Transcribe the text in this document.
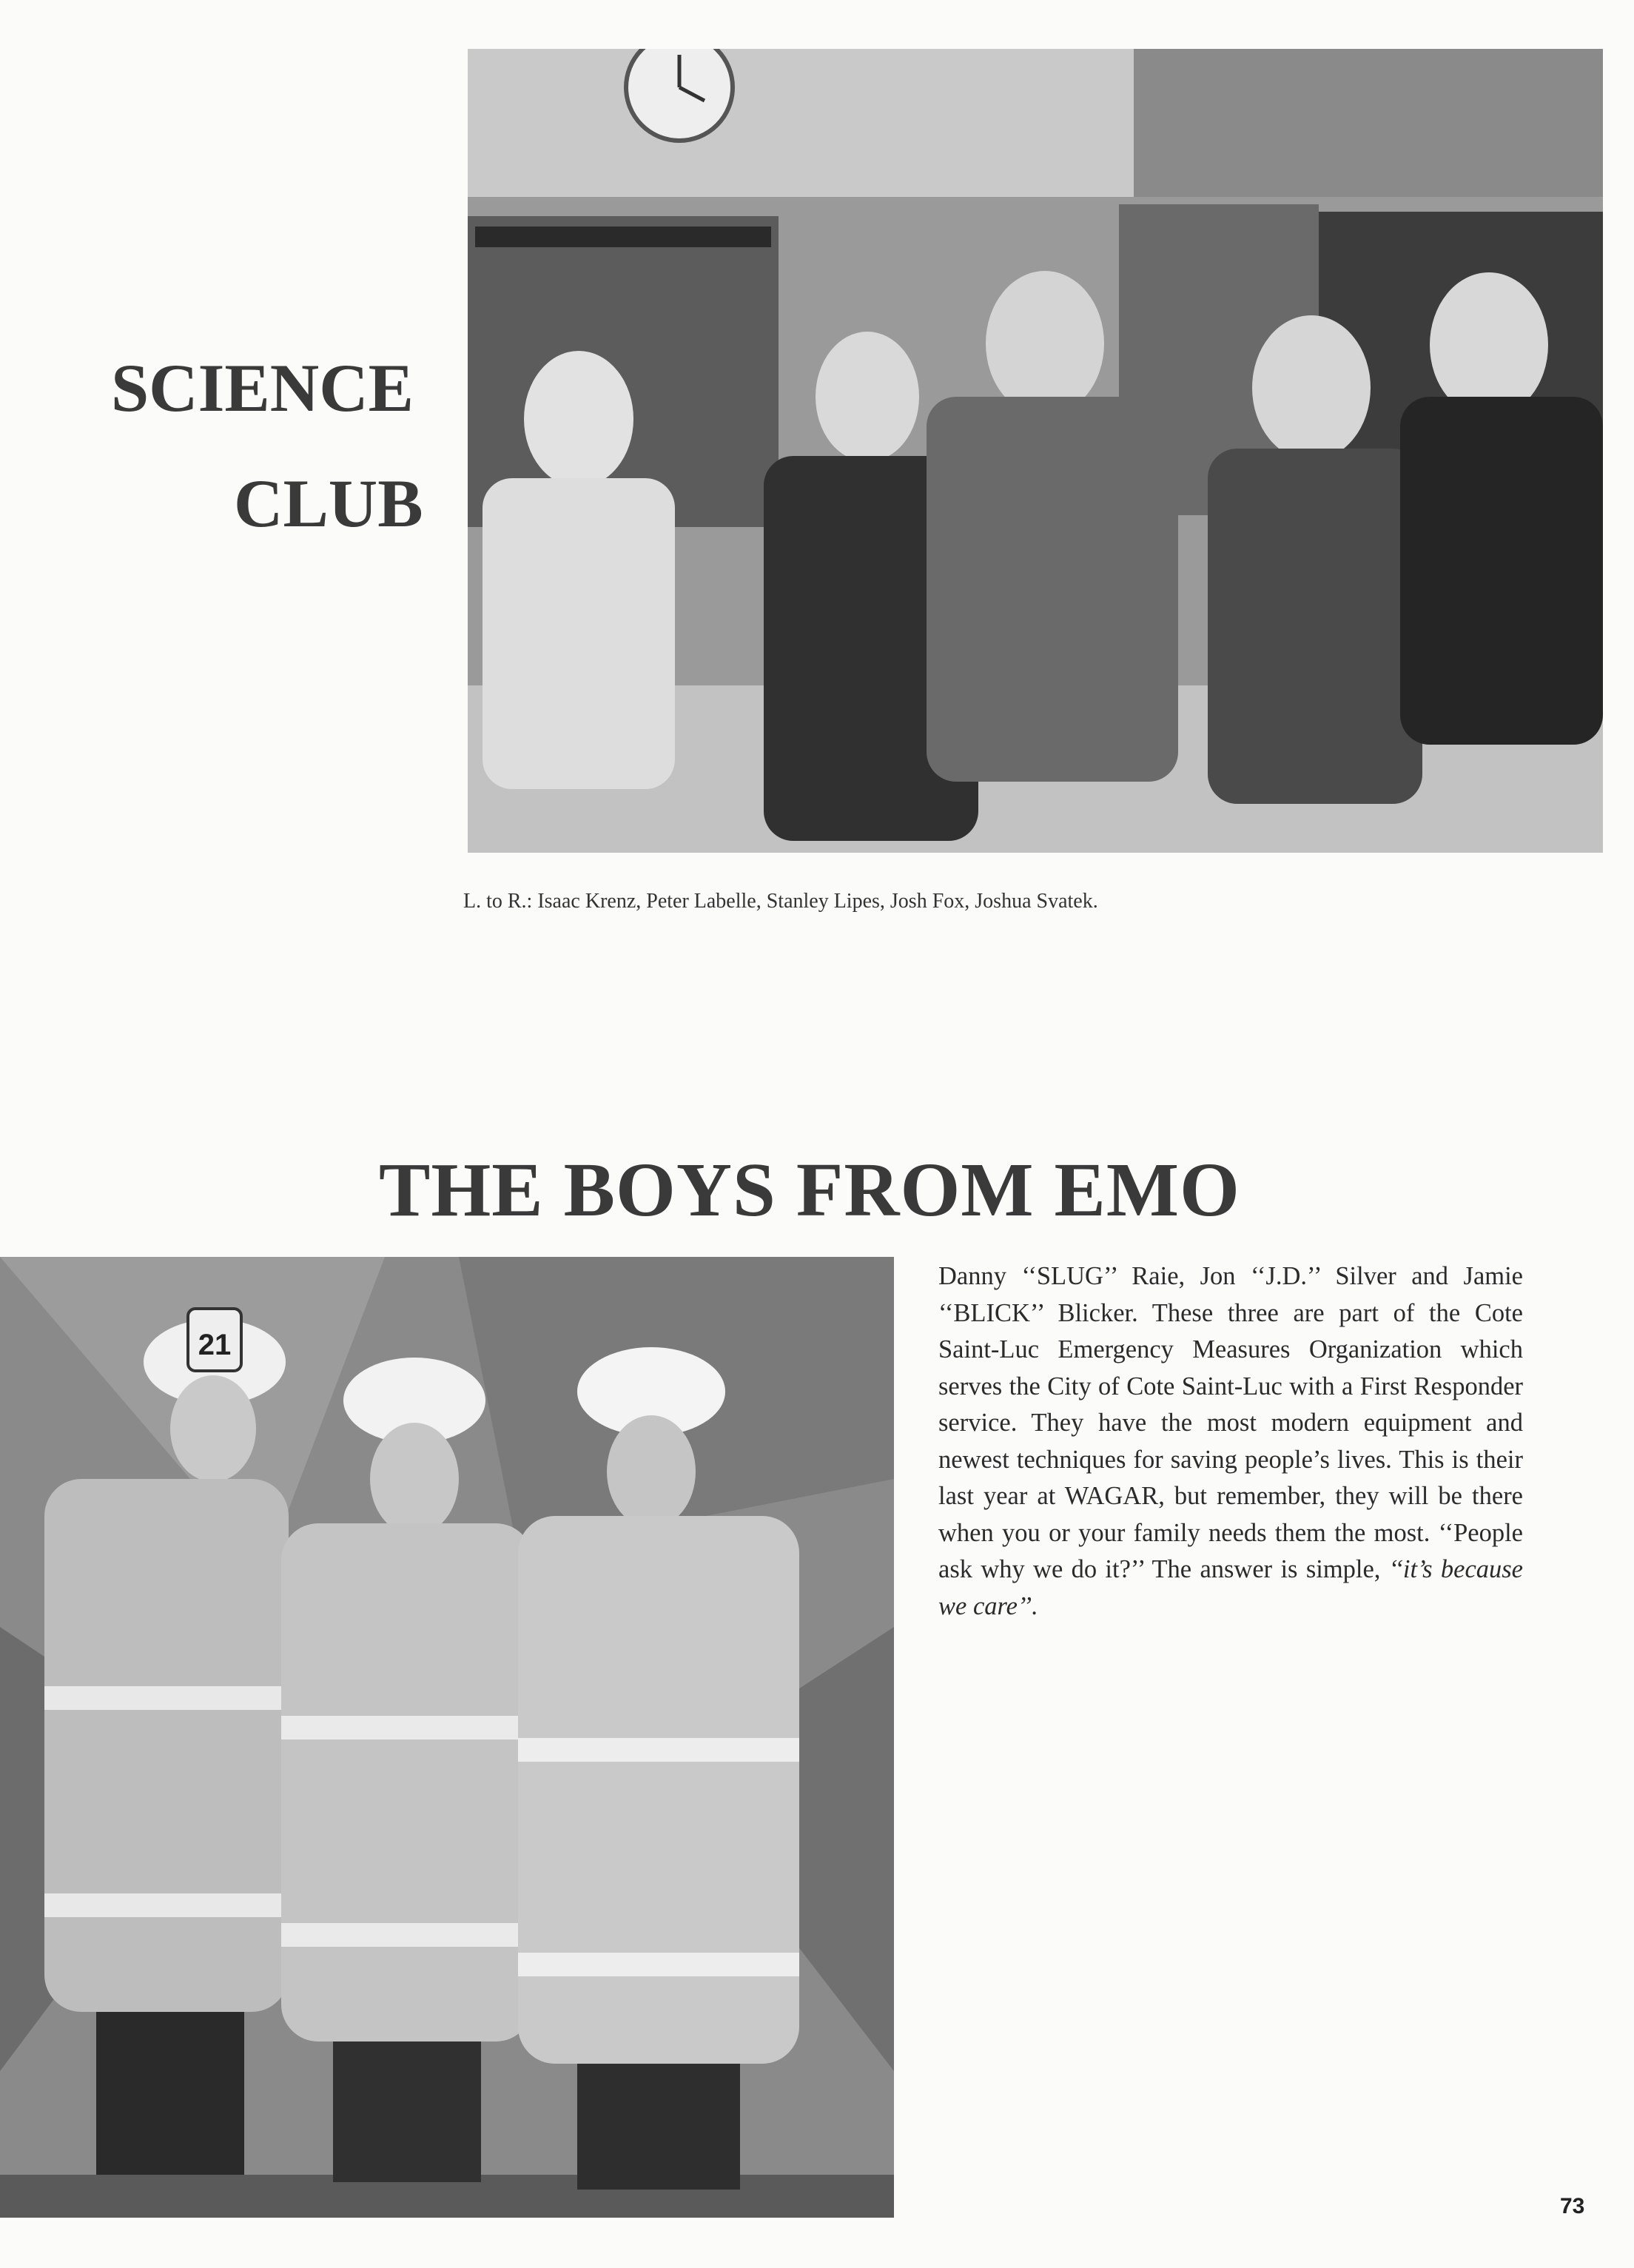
SCIENCE
CLUB
L. to R.: Isaac Krenz, Peter Labelle, Stanley Lipes, Josh Fox, Joshua Svatek.
THE BOYS FROM EMO
21
Danny ‘‘SLUG’’ Raie, Jon ‘‘J.D.’’ Silver and Jamie ‘‘BLICK’’ Blicker. These three are part of the Cote Saint-Luc Emergency Measures Organization which serves the City of Cote Saint-Luc with a First Responder service. They have the most modern equipment and newest techniques for saving people’s lives. This is their last year at WAGAR, but remember, they will be there when you or your family needs them the most. ‘‘People ask why we do it?’’ The answer is simple, ‘‘it’s because we care’’.
73
